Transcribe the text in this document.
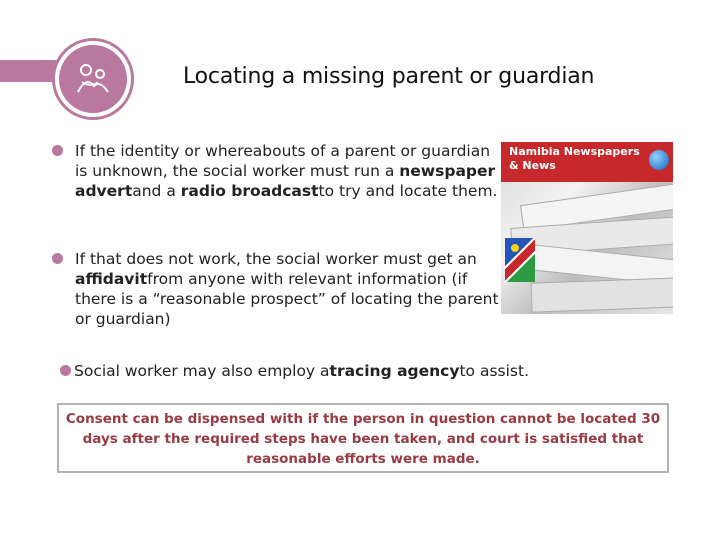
Locating a missing parent or guardian
If the identity or whereabouts of a parent or guardian is unknown, the social worker must run a newspaper advertand a radio broadcastto try and locate them.
If that does not work, the social worker must get an affidavitfrom anyone with relevant information (if there is a “reasonable prospect” of locating the parent or guardian)
Social worker may also employ atracing agencyto assist.
Namibia Newspapers & News
Consent can be dispensed with if the person in question cannot be located 30 days after the required steps have been taken, and court is satisfied that reasonable efforts were made.
